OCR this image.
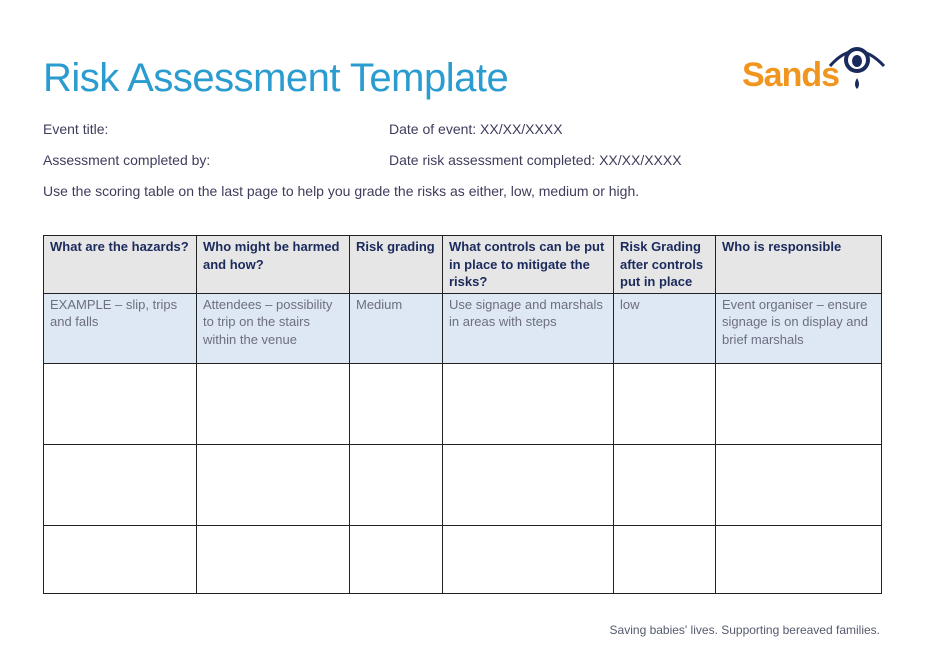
Risk Assessment Template	Sands
Event title:	Date of event: XX/XX/XXXX
Assessment completed by:	Date risk assessment completed: XX/XX/XXXX
Use the scoring table on the last page to help you grade the risks as either, low, medium or high.
What are the hazards?	Who might be harmed and how?	Risk grading	What controls can be put in place to mitigate the risks?	Risk Grading after controls put in place	Who is responsible
EXAMPLE – slip, trips and falls	Attendees – possibility to trip on the stairs within the venue	Medium	Use signage and marshals in areas with steps	low	Event organiser – ensure signage is on display and brief marshals

Saving babies' lives. Supporting bereaved families.
